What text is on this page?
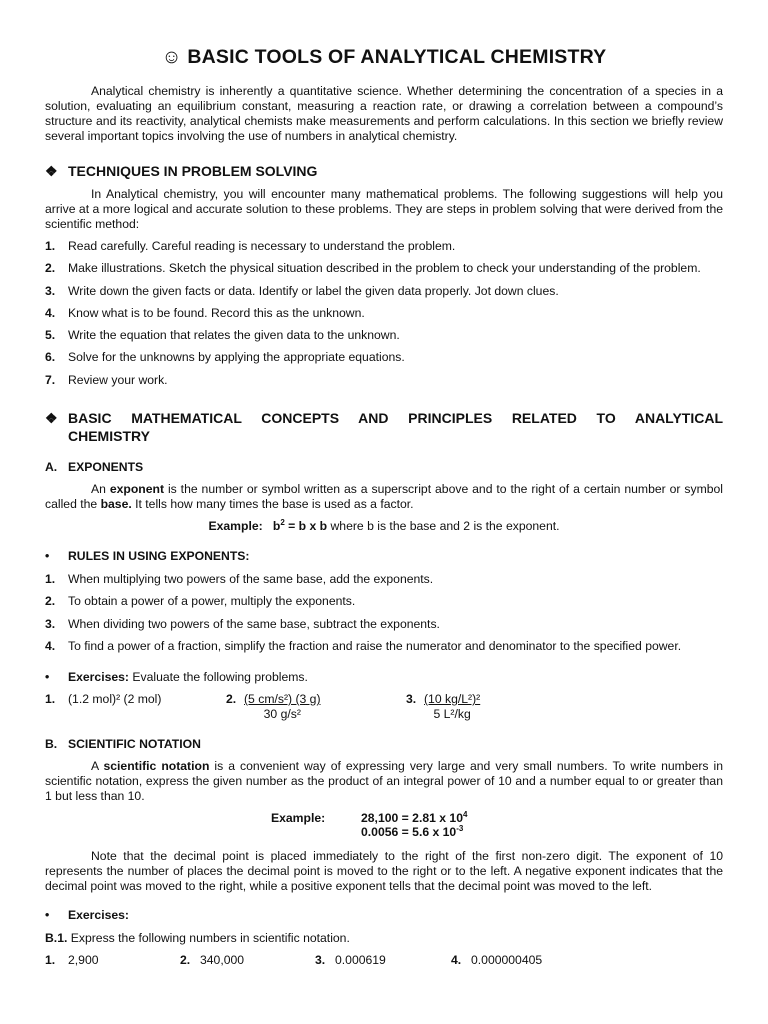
☺ BASIC TOOLS OF ANALYTICAL CHEMISTRY
Analytical chemistry is inherently a quantitative science. Whether determining the concentration of a species in a solution, evaluating an equilibrium constant, measuring a reaction rate, or drawing a correlation between a compound’s structure and its reactivity, analytical chemists make measurements and perform calculations. In this section we briefly review several important topics involving the use of numbers in analytical chemistry.
❖ TECHNIQUES IN PROBLEM SOLVING
In Analytical chemistry, you will encounter many mathematical problems. The following suggestions will help you arrive at a more logical and accurate solution to these problems. They are steps in problem solving that were derived from the scientific method:
1. Read carefully. Careful reading is necessary to understand the problem.
2. Make illustrations. Sketch the physical situation described in the problem to check your understanding of the problem.
3. Write down the given facts or data. Identify or label the given data properly. Jot down clues.
4. Know what is to be found. Record this as the unknown.
5. Write the equation that relates the given data to the unknown.
6. Solve for the unknowns by applying the appropriate equations.
7. Review your work.
❖ BASIC MATHEMATICAL CONCEPTS AND PRINCIPLES RELATED TO ANALYTICAL
CHEMISTRY
A. EXPONENTS
An exponent is the number or symbol written as a superscript above and to the right of a certain number or symbol called the base. It tells how many times the base is used as a factor.
Example: $b^2 = b$ x b where b is the base and 2 is the exponent.
• RULES IN USING EXPONENTS:
1. When multiplying two powers of the same base, add the exponents.
2. To obtain a power of a power, multiply the exponents.
3. When dividing two powers of the same base, subtract the exponents.
4. To find a power of a fraction, simplify the fraction and raise the numerator and denominator to the specified power.
• Exercises: Evaluate the following problems.
1. (1.2 mol)² (2 mol)	2. $\frac{\text{(5 cm/s²) (3 g)}}{\text{30 g/s²}}$	3. $\frac{\text{(10 kg/L²)²}}{\text{5 L²/kg}}$
B. SCIENTIFIC NOTATION
A scientific notation is a convenient way of expressing very large and very small numbers. To write numbers in scientific notation, express the given number as the product of an integral power of 10 and a number equal to or greater than 1 but less than 10.
Example:	28,100 = 2.81 x $10^4$
0.0056 = 5.6 x $10^{-3}$
Note that the decimal point is placed immediately to the right of the first non-zero digit. The exponent of 10 represents the number of places the decimal point is moved to the right or to the left. A negative exponent indicates that the decimal point was moved to the right, while a positive exponent tells that the decimal point was moved to the left.
• Exercises:
B.1. Express the following numbers in scientific notation.
1. 2,900	2. 340,000	3. 0.000619	4. 0.000000405
